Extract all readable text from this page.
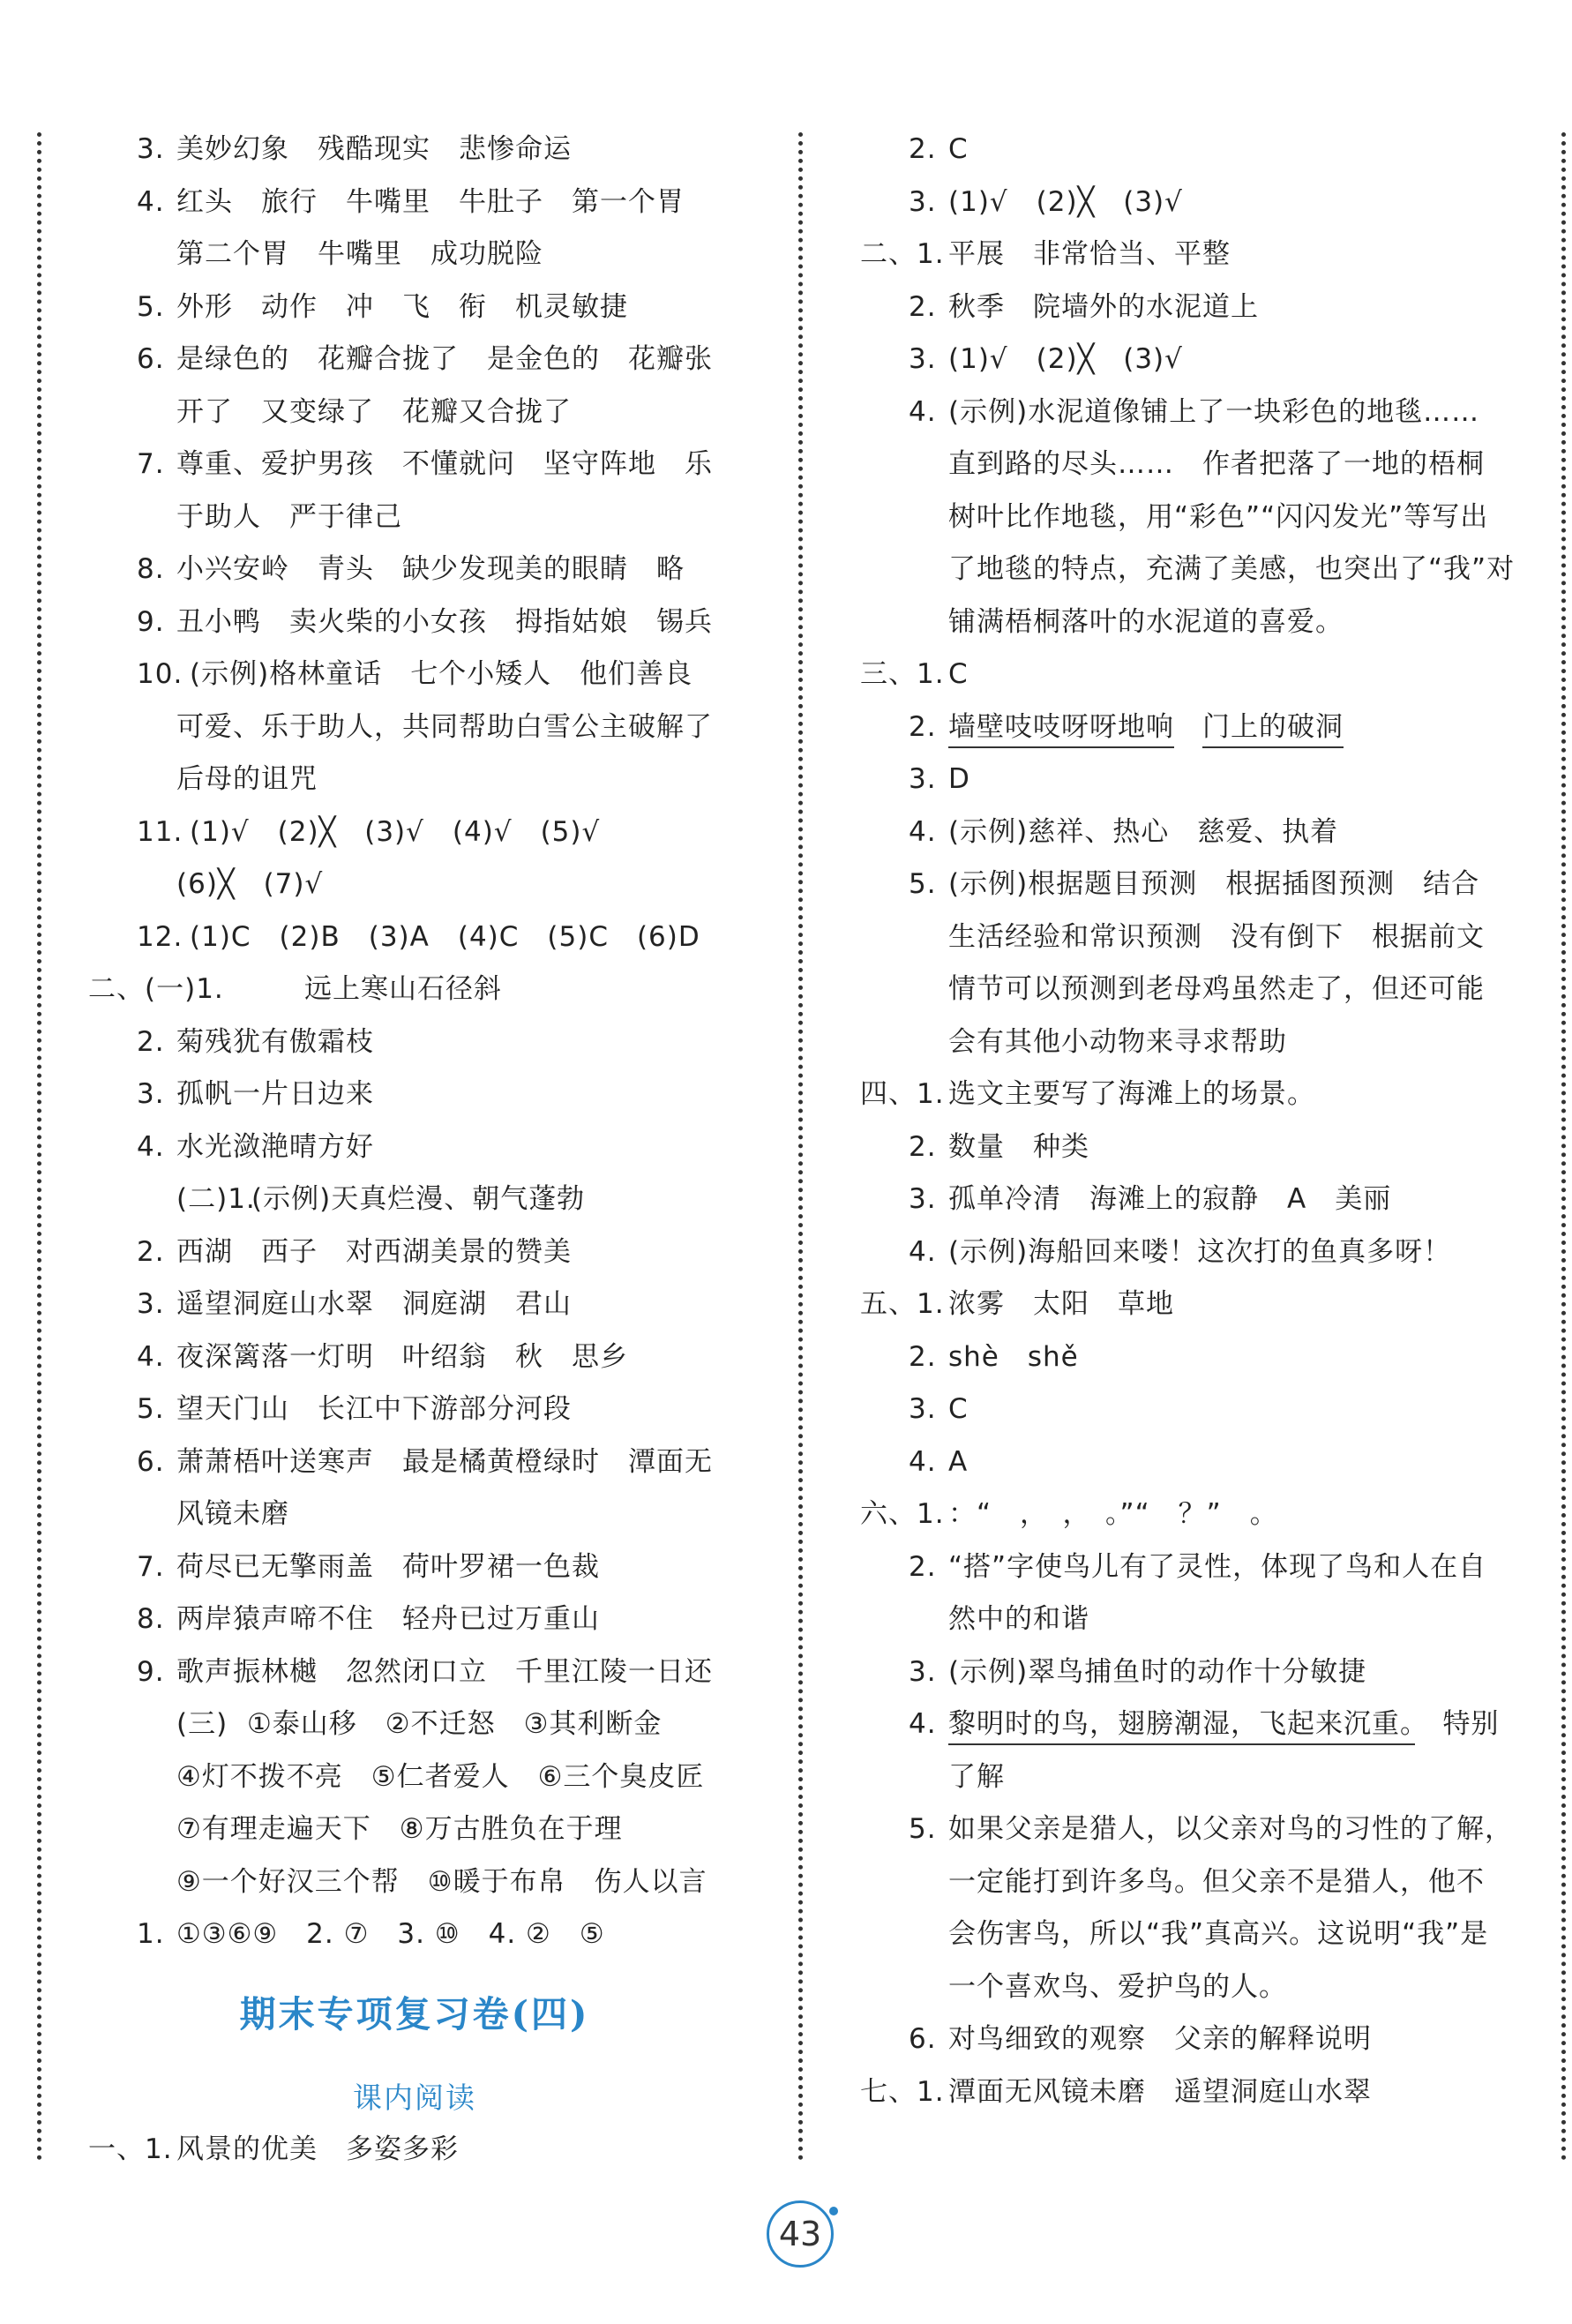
3. 美妙幻象　残酷现实　悲惨命运
4. 红头　旅行　牛嘴里　牛肚子　第一个胃
第二个胃　牛嘴里　成功脱险
5. 外形　动作　冲　飞　衔　机灵敏捷
6. 是绿色的　花瓣合拢了　是金色的　花瓣张
开了　又变绿了　花瓣又合拢了
7. 尊重、爱护男孩　不懂就问　坚守阵地　乐
于助人　严于律己
8. 小兴安岭　青头　缺少发现美的眼睛　略
9. 丑小鸭　卖火柴的小女孩　拇指姑娘　锡兵
10. (示例)格林童话　七个小矮人　他们善良
可爱、乐于助人，共同帮助白雪公主破解了
后母的诅咒
11. (1)√　(2)╳　(3)√　(4)√　(5)√
(6)╳　(7)√
12. (1)C　(2)B　(3)A　(4)C　(5)C　(6)D
二、(一)1.	远上寒山石径斜
2. 菊残犹有傲霜枝
3. 孤帆一片日边来
4. 水光潋滟晴方好
(二)1.
(示例)天真烂漫、朝气蓬勃
2. 西湖　西子　对西湖美景的赞美
3. 遥望洞庭山水翠　洞庭湖　君山
4. 夜深篱落一灯明　叶绍翁　秋　思乡
5. 望天门山　长江中下游部分河段
6. 萧萧梧叶送寒声　最是橘黄橙绿时　潭面无
风镜未磨
7. 荷尽已无擎雨盖　荷叶罗裙一色裁
8. 两岸猿声啼不住　轻舟已过万重山
9. 歌声振林樾　忽然闭口立　千里江陵一日还
(三) ①泰山移　②不迁怒　③其利断金
④灯不拨不亮　⑤仁者爱人　⑥三个臭皮匠
⑦有理走遍天下　⑧万古胜负在于理
⑨一个好汉三个帮　⑩暖于布帛　伤人以言
1. ①③⑥⑨　2. ⑦　3. ⑩　4. ②　⑤
期末专项复习卷(四)
课内阅读
一、1. 风景的优美　多姿多彩
2. C
3. (1)√　(2)╳　(3)√
二、1. 平展　非常恰当、平整
2. 秋季　院墙外的水泥道上
3. (1)√　(2)╳　(3)√
4. (示例)水泥道像铺上了一块彩色的地毯……
直到路的尽头……　作者把落了一地的梧桐
树叶比作地毯，用“彩色”“闪闪发光”等写出
了地毯的特点，充满了美感，也突出了“我”对
铺满梧桐落叶的水泥道的喜爱。
三、1. C
2. 墙壁吱吱呀呀地响　 门上的破洞
3. D
4. (示例)慈祥、热心　慈爱、执着
5. (示例)根据题目预测　根据插图预测　结合
生活经验和常识预测　没有倒下　根据前文
情节可以预测到老母鸡虽然走了，但还可能
会有其他小动物来寻求帮助
四、1. 选文主要写了海滩上的场景。
2. 数量　种类
3. 孤单冷清　海滩上的寂静　A　美丽
4. (示例)海船回来喽！这次打的鱼真多呀！
五、1. 浓雾　太阳　草地
2. shè　shě
3. C
4. A
六、1. ：“　，　，　。”“　？”　。
2. “搭”字使鸟儿有了灵性，体现了鸟和人在自
然中的和谐
3. (示例)翠鸟捕鱼时的动作十分敏捷
4. 黎明时的鸟，翅膀潮湿，飞起来沉重。　特别
了解
5. 如果父亲是猎人，以父亲对鸟的习性的了解，
一定能打到许多鸟。但父亲不是猎人，他不
会伤害鸟，所以“我”真高兴。这说明“我”是
一个喜欢鸟、爱护鸟的人。
6. 对鸟细致的观察　父亲的解释说明
七、1. 潭面无风镜未磨　遥望洞庭山水翠
43
